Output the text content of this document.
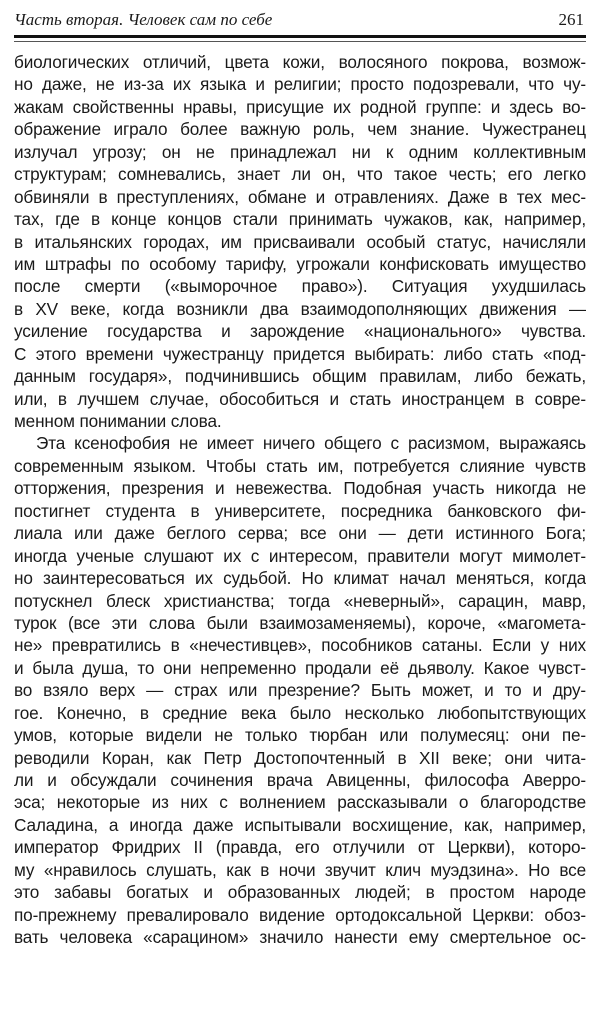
Часть вторая. Человек сам по себе	261
биологических отличий, цвета кожи, волосяного покрова, возмож-
но даже, не из-за их языка и религии; просто подозревали, что чу-
жакам свойственны нравы, присущие их родной группе: и здесь во-
ображение играло более важную роль, чем знание. Чужестранец
излучал угрозу; он не принадлежал ни к одним коллективным
структурам; сомневались, знает ли он, что такое честь; его легко
обвиняли в преступлениях, обмане и отравлениях. Даже в тех мес-
тах, где в конце концов стали принимать чужаков, как, например,
в итальянских городах, им присваивали особый статус, начисляли
им штрафы по особому тарифу, угрожали конфисковать имущество
после смерти («выморочное право»). Ситуация ухудшилась
в XV веке, когда возникли два взаимодополняющих движения —
усиление государства и зарождение «национального» чувства.
С этого времени чужестранцу придется выбирать: либо стать «под-
данным государя», подчинившись общим правилам, либо бежать,
или, в лучшем случае, обособиться и стать иностранцем в совре-
менном понимании слова.
Эта ксенофобия не имеет ничего общего с расизмом, выражаясь
современным языком. Чтобы стать им, потребуется слияние чувств
отторжения, презрения и невежества. Подобная участь никогда не
постигнет студента в университете, посредника банковского фи-
лиала или даже беглого серва; все они — дети истинного Бога;
иногда ученые слушают их с интересом, правители могут мимолет-
но заинтересоваться их судьбой. Но климат начал меняться, когда
потускнел блеск христианства; тогда «неверный», сарацин, мавр,
турок (все эти слова были взаимозаменяемы), короче, «магомета-
не» превратились в «нечестивцев», пособников сатаны. Если у них
и была душа, то они непременно продали её дьяволу. Какое чувст-
во взяло верх — страх или презрение? Быть может, и то и дру-
гое. Конечно, в средние века было несколько любопытствующих
умов, которые видели не только тюрбан или полумесяц: они пе-
реводили Коран, как Петр Достопочтенный в XII веке; они чита-
ли и обсуждали сочинения врача Авиценны, философа Аверро-
эса; некоторые из них с волнением рассказывали о благородстве
Саладина, а иногда даже испытывали восхищение, как, например,
император Фридрих II (правда, его отлучили от Церкви), которо-
му «нравилось слушать, как в ночи звучит клич муэдзина». Но все
это забавы богатых и образованных людей; в простом народе
по-прежнему превалировало видение ортодоксальной Церкви: обоз-
вать человека «сарацином» значило нанести ему смертельное ос-
